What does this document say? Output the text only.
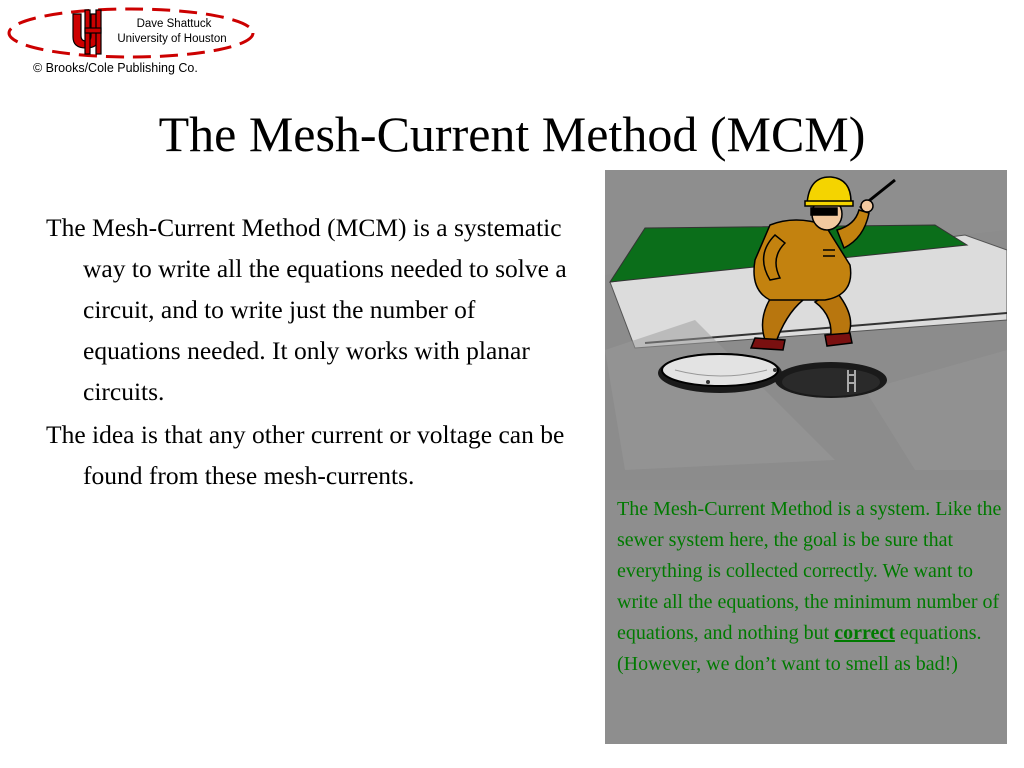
Dave Shattuck
University of Houston
© Brooks/Cole Publishing Co.
The Mesh-Current Method (MCM)

The Mesh-Current Method (MCM) is a systematic way to write all the equations needed to solve a circuit, and to write just the number of equations needed. It only works with planar circuits.

The idea is that any other current or voltage can be found from these mesh-currents.

The Mesh-Current Method is a system. Like the sewer system here, the goal is be sure that everything is collected correctly. We want to write all the equations, the minimum number of equations, and nothing but correct equations. (However, we don’t want to smell as bad!)
